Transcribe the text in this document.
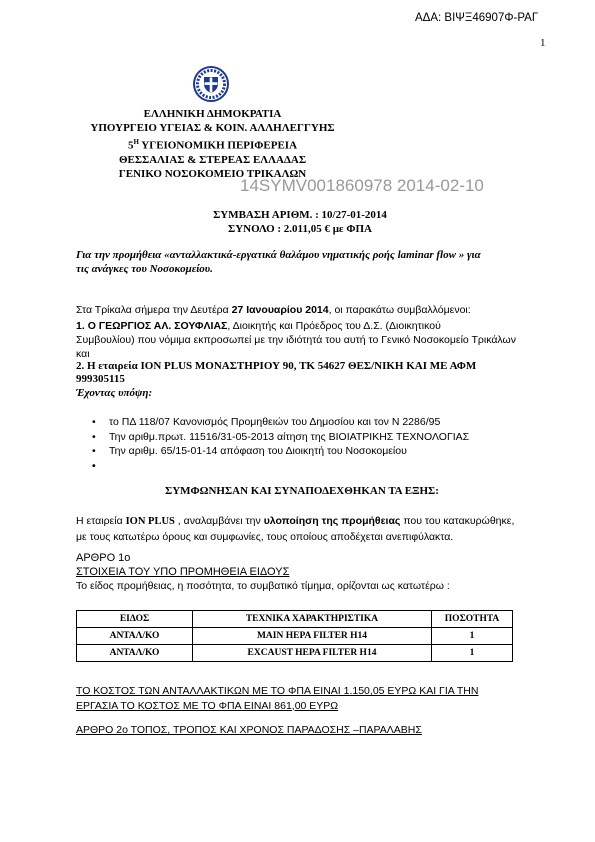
ΑΔΑ: ΒΙΨΞ46907Φ-ΡΑΓ
1
ΕΛΛΗΝΙΚΗ ΔΗΜΟΚΡΑΤΙΑ
ΥΠΟΥΡΓΕΙΟ ΥΓΕΙΑΣ & ΚΟΙΝ. ΑΛΛΗΛΕΓΓΥΗΣ
$5^H$ ΥΓΕΙΟΝΟΜΙΚΗ ΠΕΡΙΦΕΡΕΙΑ
ΘΕΣΣΑΛΙΑΣ & ΣΤΕΡΕΑΣ ΕΛΛΑΔΑΣ
ΓΕΝΙΚΟ ΝΟΣΟΚΟΜΕΙΟ ΤΡΙΚΑΛΩΝ
14SYMV001860978 2014-02-10
ΣΥΜΒΑΣΗ ΑΡΙΘΜ. : 10/27-01-2014
ΣΥΝΟΛΟ : 2.011,05 € με ΦΠΑ
Για την προμήθεια «ανταλλακτικά-εργατικά θαλάμου νηματικής ροής laminar flow » για
τις ανάγκες του Νοσοκομείου.
Στα Τρίκαλα σήμερα την Δευτέρα 27 Ιανουαρίου 2014, οι παρακάτω συμβαλλόμενοι:
1. Ο ΓΕΩΡΓΙΟΣ ΑΛ. ΣΟΥΦΛΙΑΣ, Διοικητής και Πρόεδρος του Δ.Σ. (Διοικητικού
Συμβουλίου) που νόμιμα εκπροσωπεί με την ιδιότητά του αυτή το Γενικό Νοσοκομείο Τρικάλων
και
2. Η εταιρεία ION PLUS ΜΟΝΑΣΤΗΡΙΟΥ 90, ΤΚ 54627 ΘΕΣ/ΝΙΚΗ ΚΑΙ ΜΕ ΑΦΜ
999305115
Έχοντας υπόψη:
• το ΠΔ 118/07 Κανονισμός Προμηθειών του Δημοσίου και τον Ν 2286/95
• Την αριθμ.πρωτ. 11516/31-05-2013 αίτηση της ΒΙΟΙΑΤΡΙΚΗΣ ΤΕΧΝΟΛΟΓΙΑΣ
• Την αριθμ. 65/15-01-14 απόφαση του Διοικητή του Νοσοκομείου
ΣΥΜΦΩΝΗΣΑΝ ΚΑΙ ΣΥΝΑΠΟΔΕΧΘΗΚΑΝ ΤΑ ΕΞΗΣ:
Η εταιρεία ION PLUS , αναλαμβάνει την υλοποίηση της προμήθειας που του κατακυρώθηκε,
με τους κατωτέρω όρους και συμφωνίες, τους οποίους αποδέχεται ανεπιφύλακτα.
ΑΡΘΡΟ 1ο
ΣΤΟΙΧΕΙΑ ΤΟΥ ΥΠΟ ΠΡΟΜΗΘΕΙΑ ΕΙΔΟΥΣ
Το είδος προμήθειας, η ποσότητα, το συμβατικό τίμημα, ορίζονται ως κατωτέρω :
ΕΙΔΟΣ	ΤΕΧΝΙΚΑ ΧΑΡΑΚΤΗΡΙΣΤΙΚΑ	ΠΟΣΟΤΗΤΑ
ΑΝΤΑΛ/ΚΟ	MAIN HEPA FILTER H14	1
ΑΝΤΑΛ/ΚΟ	EXCAUST HEPA FILTER H14	1
ΤΟ ΚΟΣΤΟΣ ΤΩΝ ΑΝΤΑΛΛΑΚΤΙΚΩΝ ΜΕ ΤΟ ΦΠΑ ΕΙΝΑΙ 1.150,05 ΕΥΡΩ ΚΑΙ ΓΙΑ ΤΗΝ
ΕΡΓΑΣΙΑ ΤΟ ΚΟΣΤΟΣ ΜΕ ΤΟ ΦΠΑ ΕΙΝΑΙ 861,00 ΕΥΡΩ
ΑΡΘΡΟ 2ο ΤΟΠΟΣ, ΤΡΟΠΟΣ ΚΑΙ ΧΡΟΝΟΣ ΠΑΡΑΔΟΣΗΣ –ΠΑΡΑΛΑΒΗΣ
